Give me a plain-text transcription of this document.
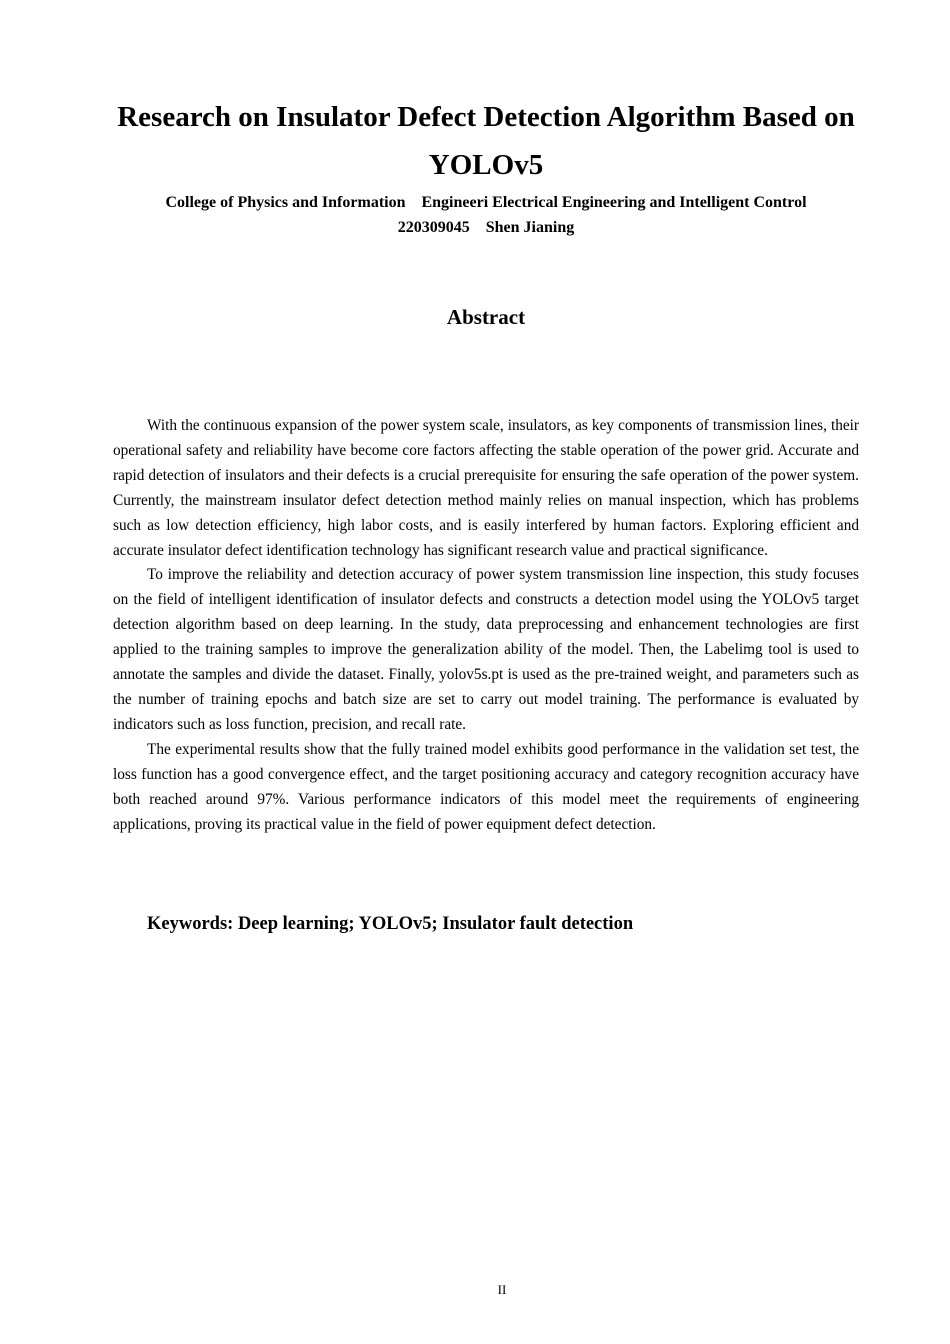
Research on Insulator Defect Detection Algorithm Based on
YOLOv5
College of Physics and Information    Engineeri Electrical Engineering and Intelligent Control
220309045    Shen Jianing
Abstract

With the continuous expansion of the power system scale, insulators, as key components of transmission lines, their operational safety and reliability have become core factors affecting the stable operation of the power grid. Accurate and rapid detection of insulators and their defects is a crucial prerequisite for ensuring the safe operation of the power system. Currently, the mainstream insulator defect detection method mainly relies on manual inspection, which has problems such as low detection efficiency, high labor costs, and is easily interfered by human factors. Exploring efficient and accurate insulator defect identification technology has significant research value and practical significance.

To improve the reliability and detection accuracy of power system transmission line inspection, this study focuses on the field of intelligent identification of insulator defects and constructs a detection model using the YOLOv5 target detection algorithm based on deep learning. In the study, data preprocessing and enhancement technologies are first applied to the training samples to improve the generalization ability of the model. Then, the Labelimg tool is used to annotate the samples and divide the dataset. Finally, yolov5s.pt is used as the pre-trained weight, and parameters such as the number of training epochs and batch size are set to carry out model training. The performance is evaluated by indicators such as loss function, precision, and recall rate.

The experimental results show that the fully trained model exhibits good performance in the validation set test, the loss function has a good convergence effect, and the target positioning accuracy and category recognition accuracy have both reached around 97%. Various performance indicators of this model meet the requirements of engineering applications, proving its practical value in the field of power equipment defect detection.

Keywords: Deep learning; YOLOv5; Insulator fault detection
II
